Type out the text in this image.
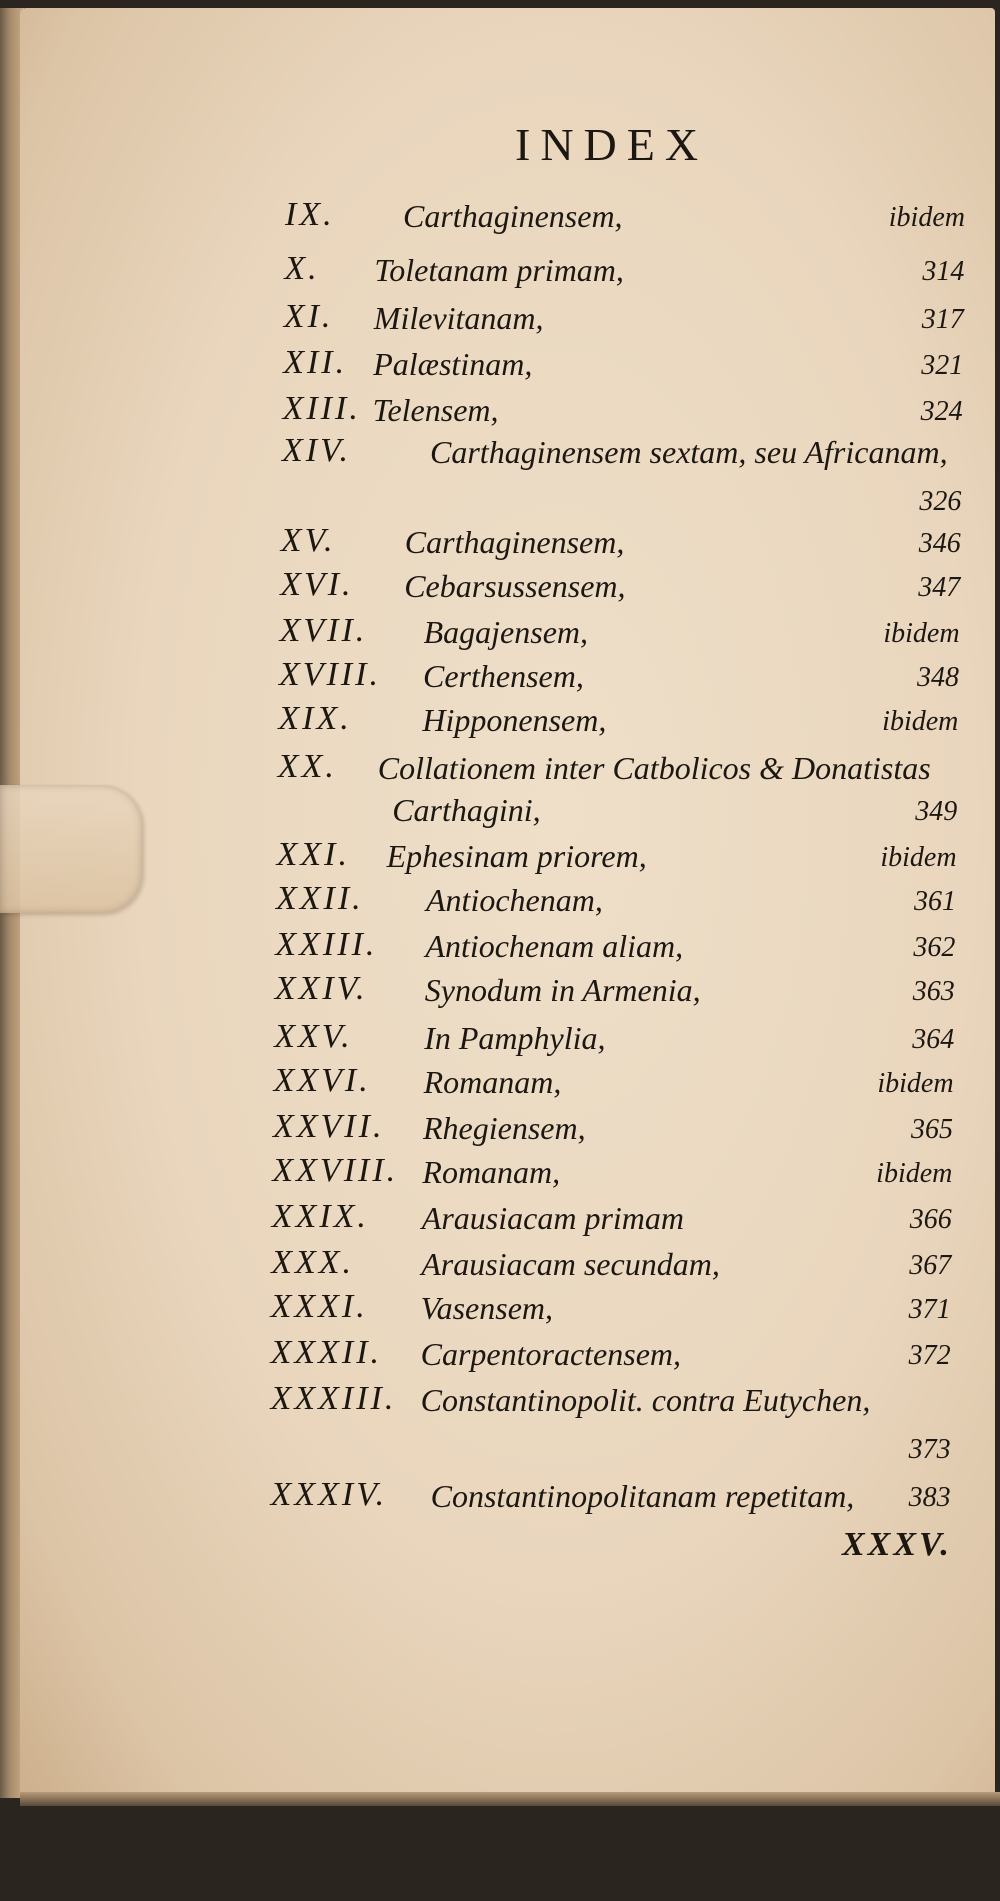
INDEX
IX. Carthaginensem,	ibidem
X. Toletanam primam,	314
XI. Milevitanam,	317
XII. Palæstinam,	321
XIII. Telensem,	324
XIV. Carthaginensem sextam, seu Africanam,
326
XV. Carthaginensem,	346
XVI. Cebarsussensem,	347
XVII. Bagajensem,	ibidem
XVIII. Certhensem,	348
XIX. Hipponensem,	ibidem
XX. Collationem inter Catbolicos & Donatistas
Carthagini,	349
XXI. Ephesinam priorem,	ibidem
XXII. Antiochenam,	361
XXIII. Antiochenam aliam,	362
XXIV. Synodum in Armenia,	363
XXV. In Pamphylia,	364
XXVI. Romanam,	ibidem
XXVII. Rhegiensem,	365
XXVIII. Romanam,	ibidem
XXIX. Arausiacam primam	366
XXX. Arausiacam secundam,	367
XXXI. Vasensem,	371
XXXII. Carpentoractensem,	372
XXXIII. Constantinopolit. contra Eutychen,
373
XXXIV. Constantinopolitanam repetitam, 383
XXXV.
